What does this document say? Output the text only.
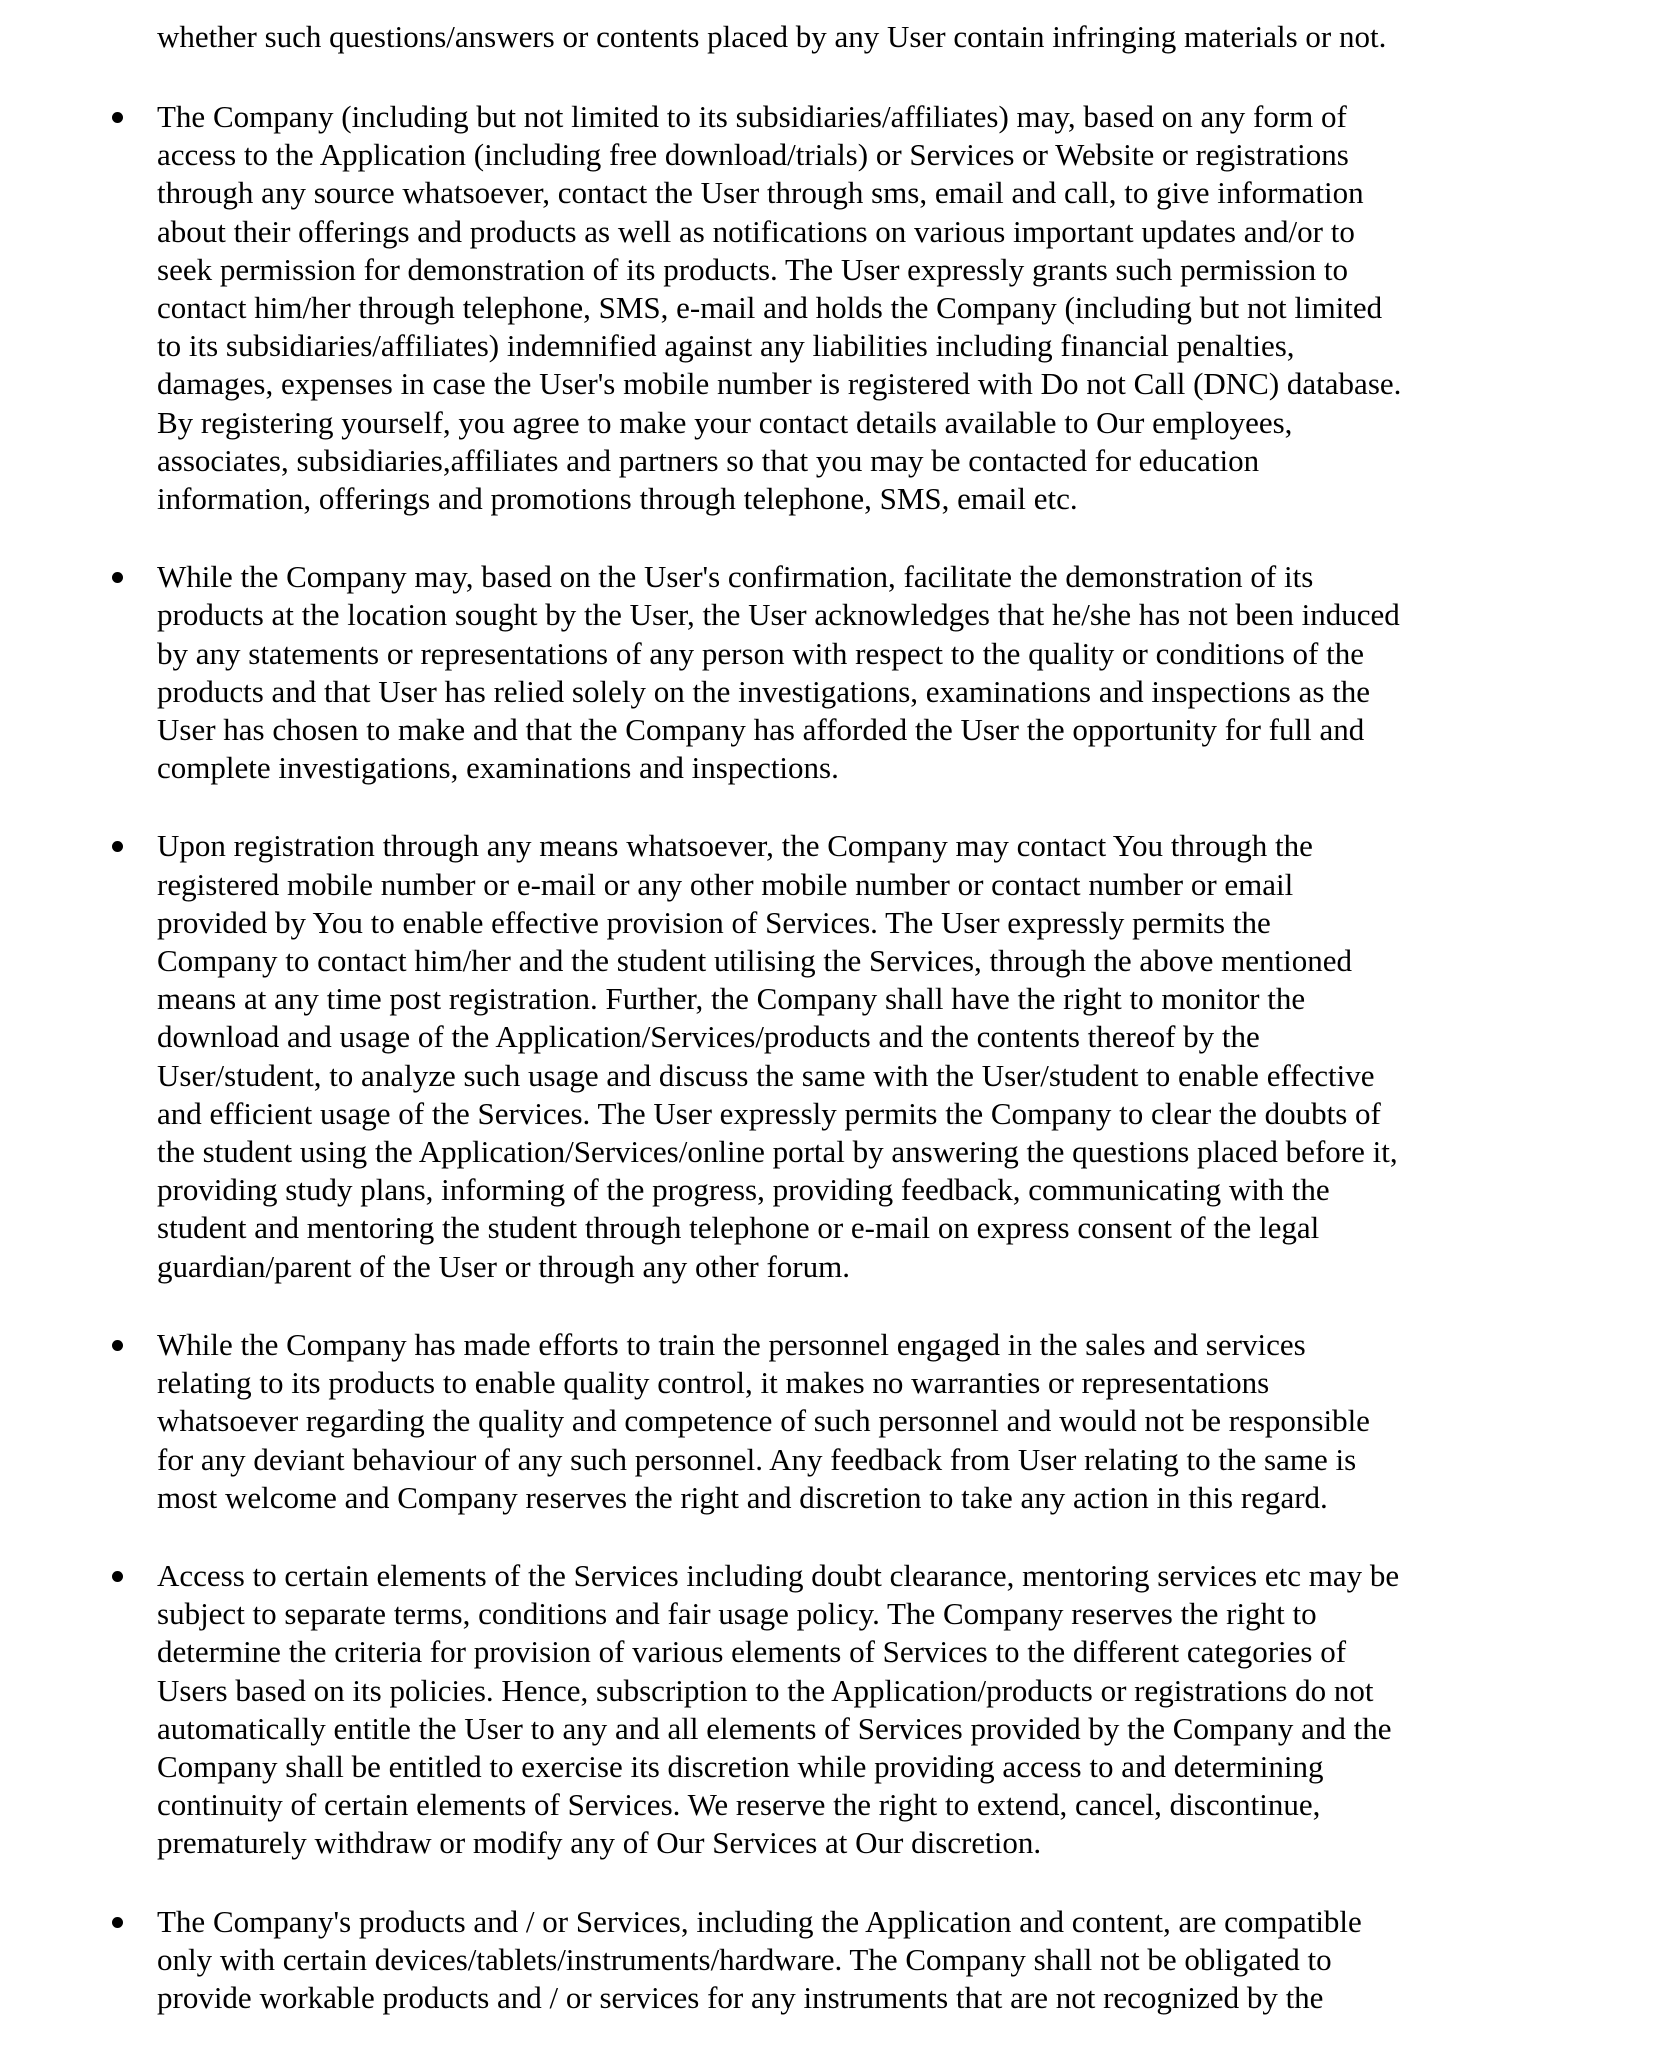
whether such questions/answers or contents placed by any User contain infringing materials or not.
The Company (including but not limited to its subsidiaries/affiliates) may, based on any form of
access to the Application (including free download/trials) or Services or Website or registrations
through any source whatsoever, contact the User through sms, email and call, to give information
about their offerings and products as well as notifications on various important updates and/or to
seek permission for demonstration of its products. The User expressly grants such permission to
contact him/her through telephone, SMS, e-mail and holds the Company (including but not limited
to its subsidiaries/affiliates) indemnified against any liabilities including financial penalties,
damages, expenses in case the User's mobile number is registered with Do not Call (DNC) database.
By registering yourself, you agree to make your contact details available to Our employees,
associates, subsidiaries,affiliates and partners so that you may be contacted for education
information, offerings and promotions through telephone, SMS, email etc.
While the Company may, based on the User's confirmation, facilitate the demonstration of its
products at the location sought by the User, the User acknowledges that he/she has not been induced
by any statements or representations of any person with respect to the quality or conditions of the
products and that User has relied solely on the investigations, examinations and inspections as the
User has chosen to make and that the Company has afforded the User the opportunity for full and
complete investigations, examinations and inspections.
Upon registration through any means whatsoever, the Company may contact You through the
registered mobile number or e-mail or any other mobile number or contact number or email
provided by You to enable effective provision of Services. The User expressly permits the
Company to contact him/her and the student utilising the Services, through the above mentioned
means at any time post registration. Further, the Company shall have the right to monitor the
download and usage of the Application/Services/products and the contents thereof by the
User/student, to analyze such usage and discuss the same with the User/student to enable effective
and efficient usage of the Services. The User expressly permits the Company to clear the doubts of
the student using the Application/Services/online portal by answering the questions placed before it,
providing study plans, informing of the progress, providing feedback, communicating with the
student and mentoring the student through telephone or e-mail on express consent of the legal
guardian/parent of the User or through any other forum.
While the Company has made efforts to train the personnel engaged in the sales and services
relating to its products to enable quality control, it makes no warranties or representations
whatsoever regarding the quality and competence of such personnel and would not be responsible
for any deviant behaviour of any such personnel. Any feedback from User relating to the same is
most welcome and Company reserves the right and discretion to take any action in this regard.
Access to certain elements of the Services including doubt clearance, mentoring services etc may be
subject to separate terms, conditions and fair usage policy. The Company reserves the right to
determine the criteria for provision of various elements of Services to the different categories of
Users based on its policies. Hence, subscription to the Application/products or registrations do not
automatically entitle the User to any and all elements of Services provided by the Company and the
Company shall be entitled to exercise its discretion while providing access to and determining
continuity of certain elements of Services. We reserve the right to extend, cancel, discontinue,
prematurely withdraw or modify any of Our Services at Our discretion.
The Company's products and / or Services, including the Application and content, are compatible
only with certain devices/tablets/instruments/hardware. The Company shall not be obligated to
provide workable products and / or services for any instruments that are not recognized by the
